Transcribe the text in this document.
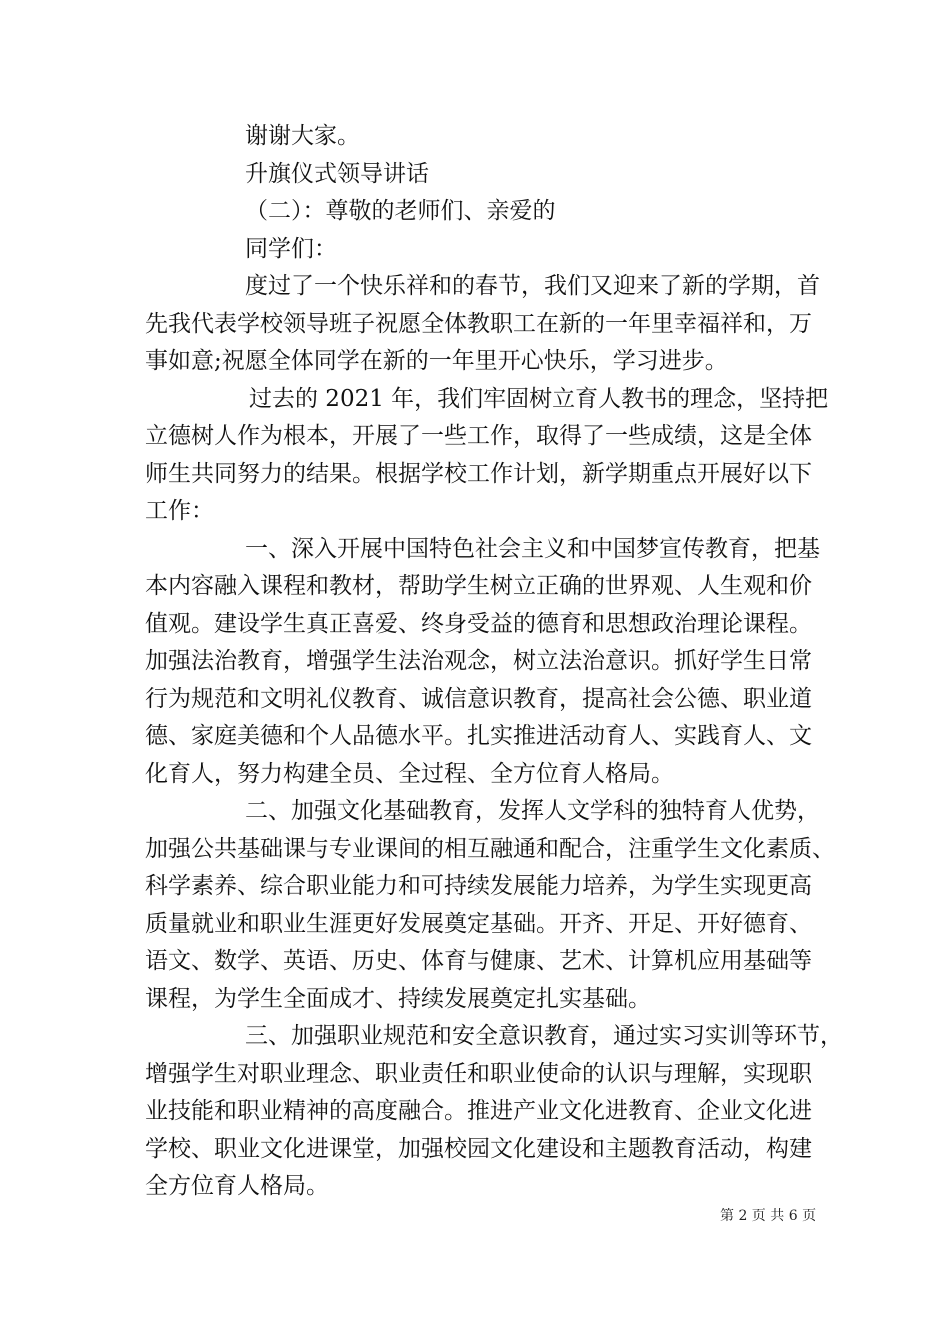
谢谢大家。
升旗仪式领导讲话
（二）：尊敬的老师们、亲爱的
同学们：
度过了一个快乐祥和的春节，我们又迎来了新的学期，首
先我代表学校领导班子祝愿全体教职工在新的一年里幸福祥和，万
事如意;祝愿全体同学在新的一年里开心快乐，学习进步。
过去的 2021 年，我们牢固树立育人教书的理念，坚持把
立德树人作为根本，开展了一些工作，取得了一些成绩，这是全体
师生共同努力的结果。根据学校工作计划，新学期重点开展好以下
工作：
一、深入开展中国特色社会主义和中国梦宣传教育，把基
本内容融入课程和教材，帮助学生树立正确的世界观、人生观和价
值观。建设学生真正喜爱、终身受益的德育和思想政治理论课程。
加强法治教育，增强学生法治观念，树立法治意识。抓好学生日常
行为规范和文明礼仪教育、诚信意识教育，提高社会公德、职业道
德、家庭美德和个人品德水平。扎实推进活动育人、实践育人、文
化育人，努力构建全员、全过程、全方位育人格局。
二、加强文化基础教育，发挥人文学科的独特育人优势，
加强公共基础课与专业课间的相互融通和配合，注重学生文化素质、
科学素养、综合职业能力和可持续发展能力培养，为学生实现更高
质量就业和职业生涯更好发展奠定基础。开齐、开足、开好德育、
语文、数学、英语、历史、体育与健康、艺术、计算机应用基础等
课程，为学生全面成才、持续发展奠定扎实基础。
三、加强职业规范和安全意识教育，通过实习实训等环节，
增强学生对职业理念、职业责任和职业使命的认识与理解，实现职
业技能和职业精神的高度融合。推进产业文化进教育、企业文化进
学校、职业文化进课堂，加强校园文化建设和主题教育活动，构建
全方位育人格局。
第 2 页 共 6 页
